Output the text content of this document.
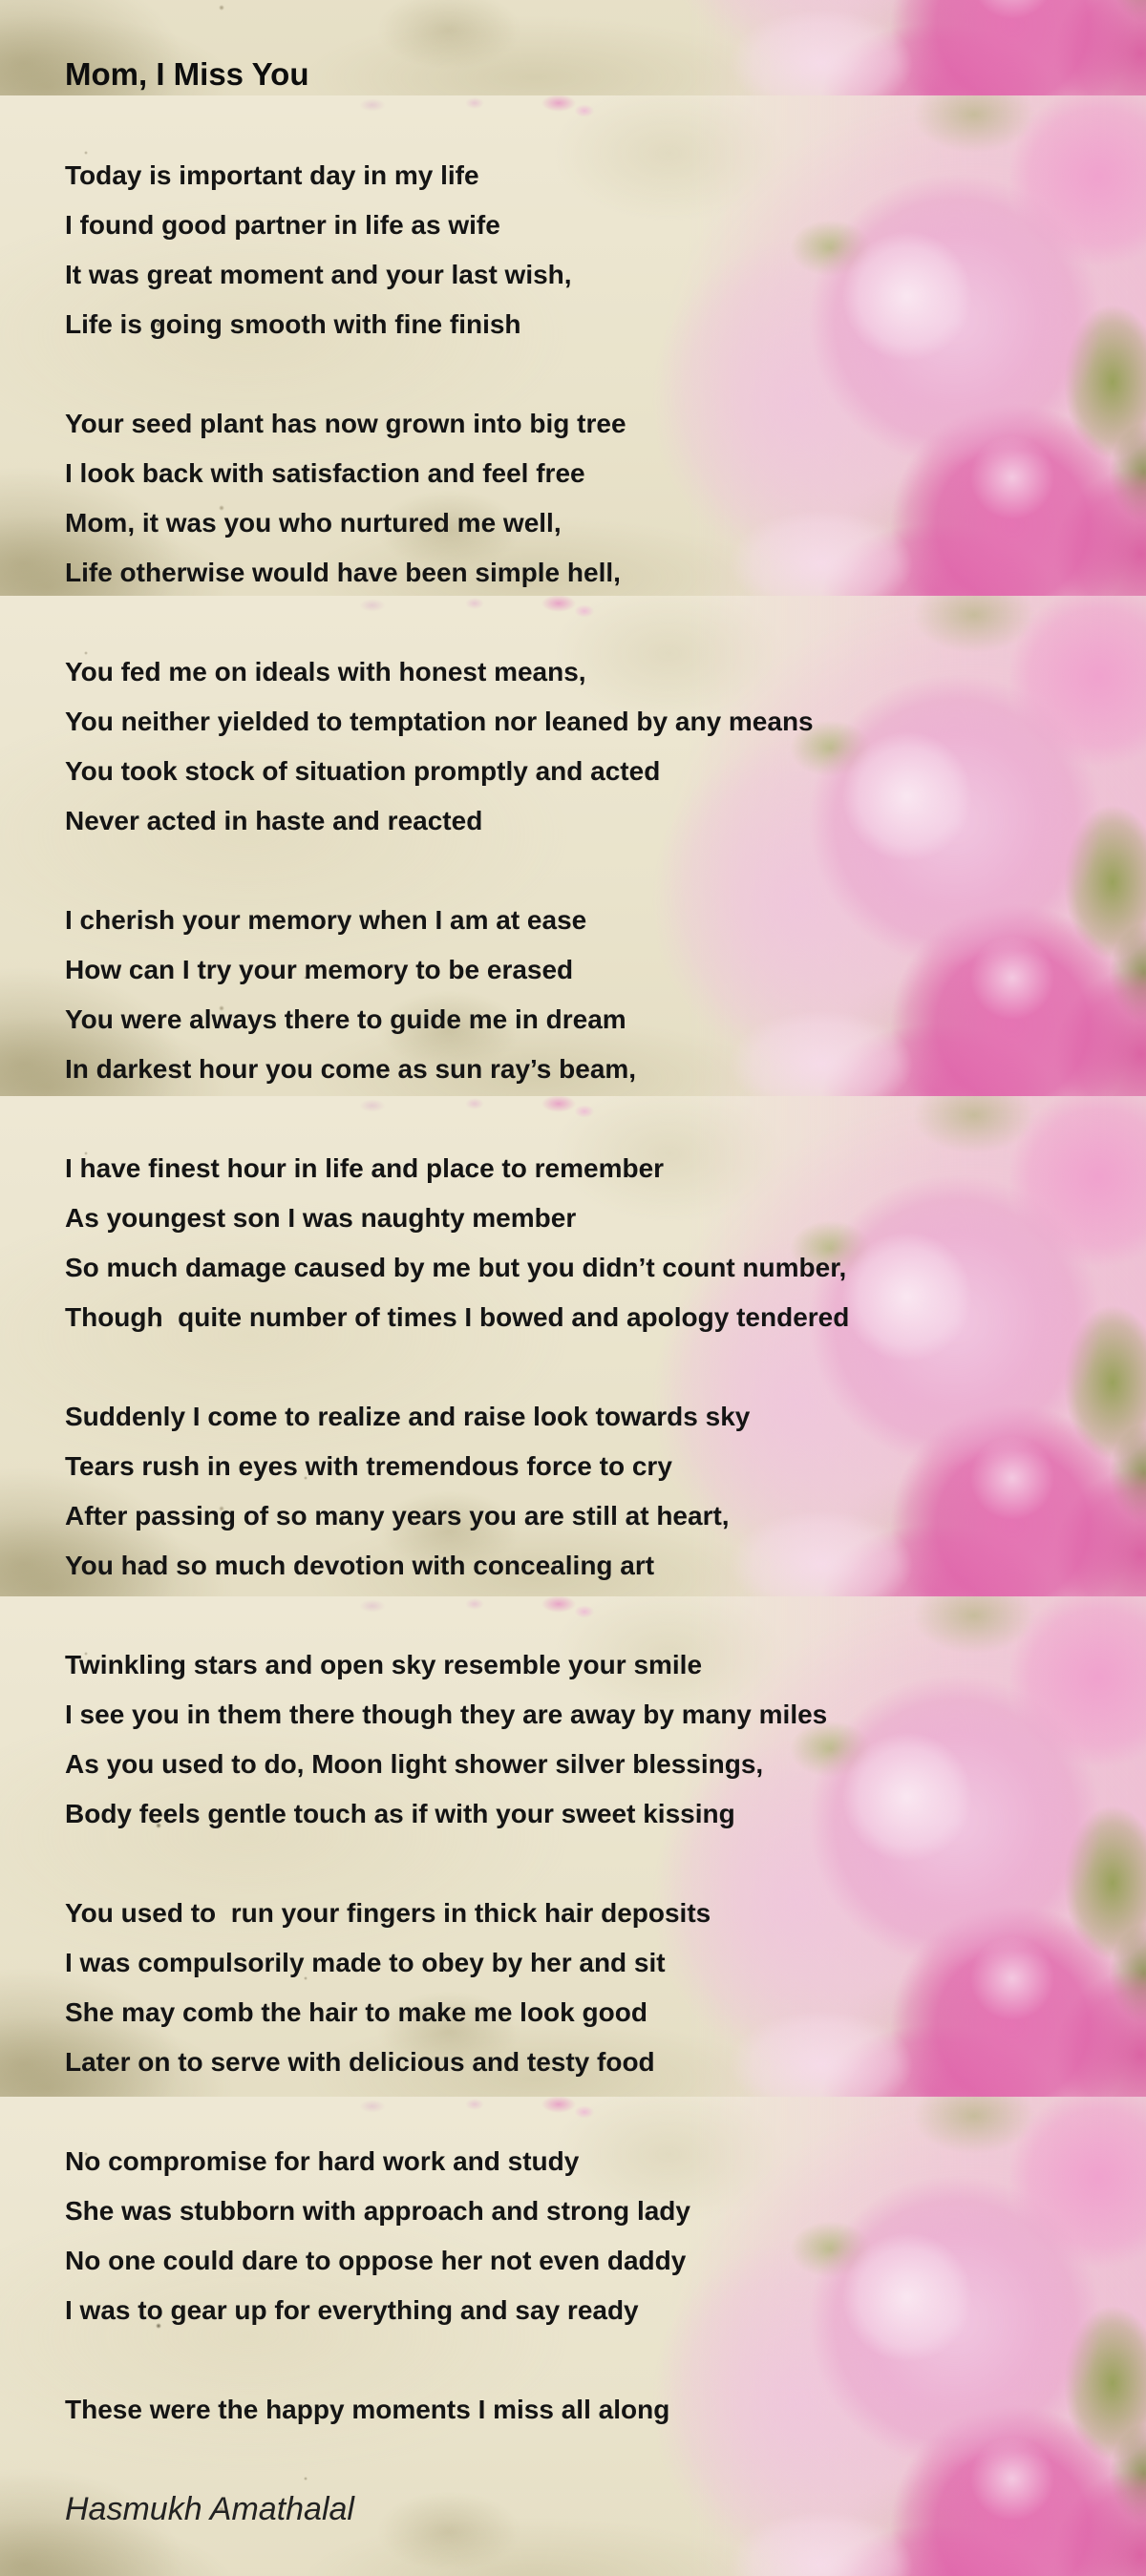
Mom, I Miss You

Today is important day in my life

I found good partner in life as wife

It was great moment and your last wish,

Life is going smooth with fine finish

Your seed plant has now grown into big tree

I look back with satisfaction and feel free

Mom, it was you who nurtured me well,

Life otherwise would have been simple hell,

You fed me on ideals with honest means,

You neither yielded to temptation nor leaned by any means

You took stock of situation promptly and acted

Never acted in haste and reacted

I cherish your memory when I am at ease

How can I try your memory to be erased

You were always there to guide me in dream

In darkest hour you come as sun ray’s beam,

I have finest hour in life and place to remember

As youngest son I was naughty member

So much damage caused by me but you didn’t count number,

Though  quite number of times I bowed and apology tendered

Suddenly I come to realize and raise look towards sky

Tears rush in eyes with tremendous force to cry

After passing of so many years you are still at heart,

You had so much devotion with concealing art

Twinkling stars and open sky resemble your smile

I see you in them there though they are away by many miles

As you used to do, Moon light shower silver blessings,

Body feels gentle touch as if with your sweet kissing

You used to  run your fingers in thick hair deposits

I was compulsorily made to obey by her and sit

She may comb the hair to make me look good

Later on to serve with delicious and testy food

No compromise for hard work and study

She was stubborn with approach and strong lady

No one could dare to oppose her not even daddy

I was to gear up for everything and say ready

These were the happy moments I miss all along

Hasmukh Amathalal
